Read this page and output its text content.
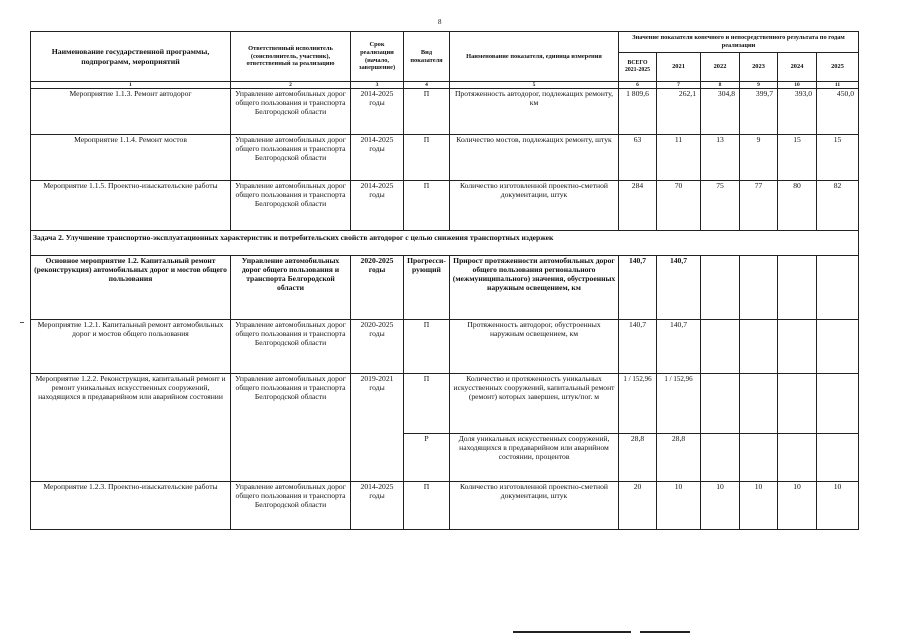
8
Наименование государственной программы, подпрограмм, мероприятий	Ответственный исполнитель (соисполнитель, участник), ответственный за реализацию	Срок реализации (начало, завершение)	Вид показателя	Наименование показателя, единица измерения	Значение показателя конечного и непосредственного результата по годам реализации					
					ВСЕГО 2021-2025	2021	2022	2023	2024	2025
1	2	3	4	5	6	7	8	9	10	11
Мероприятие 1.1.3. Ремонт автодорог	Управление автомобильных дорог общего пользования и транспорта Белгородской области	2014-2025 годы	П	Протяженность автодорог, подлежащих ремонту, км	1 809,6	262,1	304,8	399,7	393,0	450,0
Мероприятие 1.1.4. Ремонт мостов	Управление автомобильных дорог общего пользования и транспорта Белгородской области	2014-2025 годы	П	Количество мостов, подлежащих ремонту, штук	63	11	13	9	15	15
Мероприятие 1.1.5. Проектно-изыскательские работы	Управление автомобильных дорог общего пользования и транспорта Белгородской области	2014-2025 годы	П	Количество изготовленной проектно-сметной документации, штук	284	70	75	77	80	82
Задача 2. Улучшение транспортно-эксплуатационных характеристик и потребительских свойств автодорог с целью снижения транспортных издержек										
Основное мероприятие 1.2. Капитальный ремонт (реконструкция) автомобильных дорог и мостов общего пользования	Управление автомобильных дорог общего пользования и транспорта Белгородской области	2020-2025 годы	Прогресси-рующий	Прирост протяженности автомобильных дорог общего пользования регионального (межмуниципального) значения, обустроенных наружным освещением, км	140,7	140,7				
Мероприятие 1.2.1. Капитальный ремонт автомобильных дорог и мостов общего пользования	Управление автомобильных дорог общего пользования и транспорта Белгородской области	2020-2025 годы	П	Протяженность автодорог, обустроенных наружным освещением, км	140,7	140,7				
Мероприятие 1.2.2. Реконструкция, капитальный ремонт и ремонт уникальных искусственных сооружений, находящихся в предаварийном или аварийном состоянии	Управление автомобильных дорог общего пользования и транспорта Белгородской области	2019-2021 годы	П	Количество и протяженность уникальных искусственных сооружений, капитальный ремонт (ремонт) которых завершен, штук/пог. м	1 / 152,96	1 / 152,96				
			Р	Доля уникальных искусственных сооружений, находящихся в предаварийном или аварийном состоянии, процентов	28,8	28,8				
Мероприятие 1.2.3. Проектно-изыскательские работы	Управление автомобильных дорог общего пользования и транспорта Белгородской области	2014-2025 годы	П	Количество изготовленной проектно-сметной документации, штук	20	10	10	10	10	10
